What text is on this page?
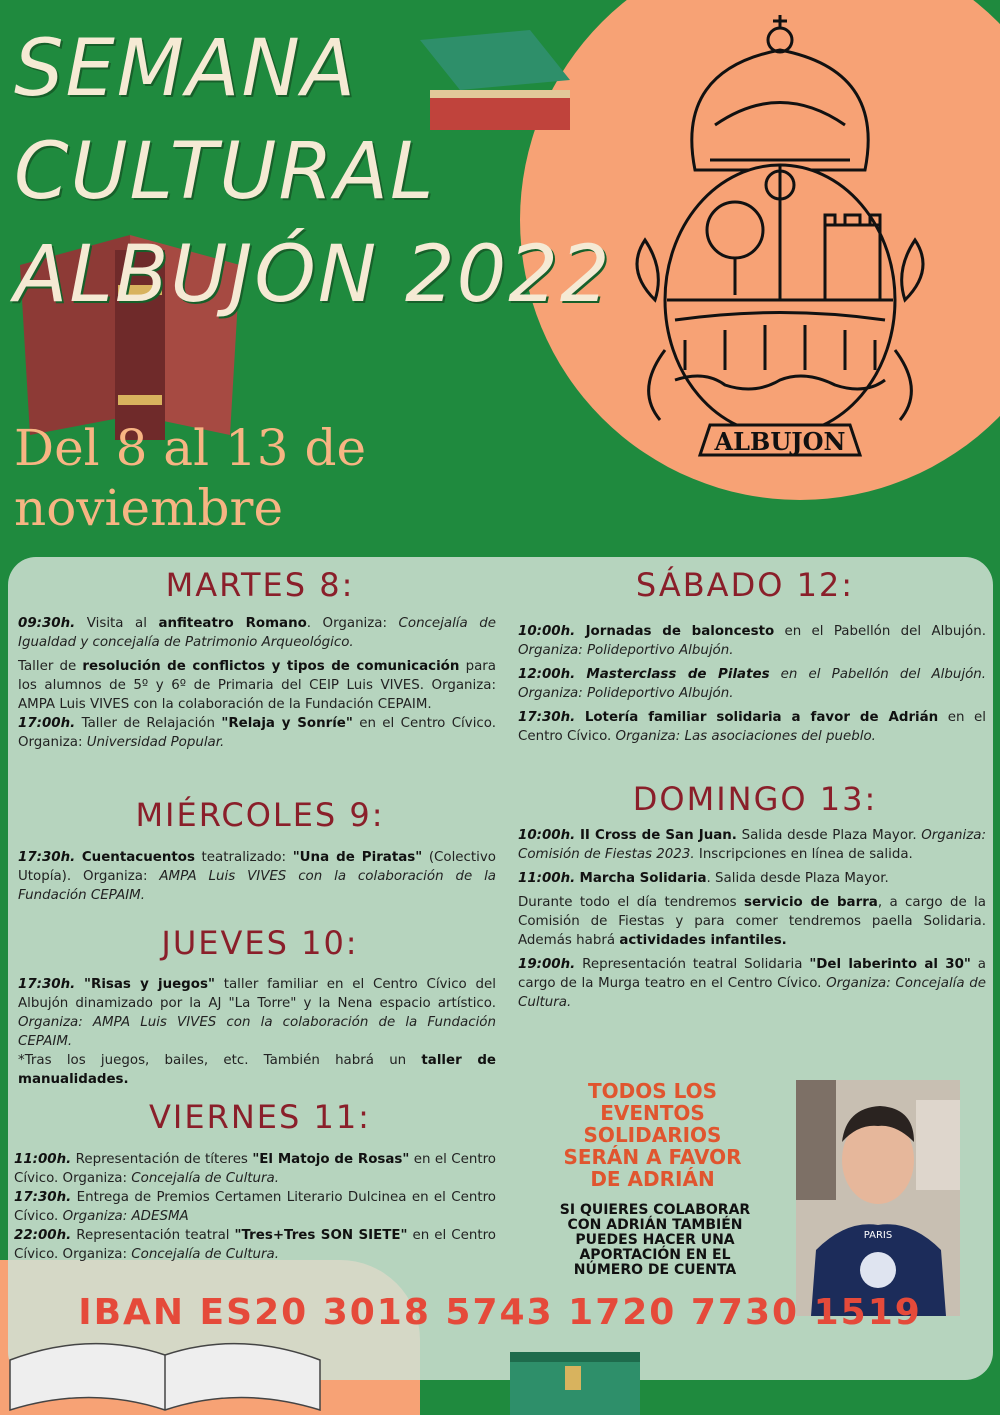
ALBUJON
SEMANA
CULTURAL
ALBUJÓN 2022
Del 8 al 13 de
noviembre
MARTES 8:

09:30h. Visita al anfiteatro Romano. Organiza: Concejalía de Igualdad y concejalía de Patrimonio Arqueológico.

Taller de resolución de conflictos y tipos de comunicación para los alumnos de 5º y 6º de Primaria del CEIP Luis VIVES. Organiza: AMPA Luis VIVES con la colaboración de la Fundación CEPAIM.

17:00h. Taller de Relajación "Relaja y Sonríe" en el Centro Cívico. Organiza: Universidad Popular.

MIÉRCOLES 9:

17:30h. Cuentacuentos teatralizado: "Una de Piratas" (Colectivo Utopía). Organiza: AMPA Luis VIVES con la colaboración de la Fundación CEPAIM.

JUEVES 10:

17:30h. "Risas y juegos" taller familiar en el Centro Cívico del Albujón dinamizado por la AJ "La Torre" y la Nena espacio artístico. Organiza: AMPA Luis VIVES con la colaboración de la Fundación CEPAIM.

*Tras los juegos, bailes, etc. También habrá un taller de manualidades.

VIERNES 11:

11:00h. Representación de títeres "El Matojo de Rosas" en el Centro Cívico. Organiza: Concejalía de Cultura.

17:30h. Entrega de Premios Certamen Literario Dulcinea en el Centro Cívico. Organiza: ADESMA

22:00h. Representación teatral "Tres+Tres SON SIETE" en el Centro Cívico. Organiza: Concejalía de Cultura.

SÁBADO 12:

10:00h. Jornadas de baloncesto en el Pabellón del Albujón. Organiza: Polideportivo Albujón.

12:00h. Masterclass de Pilates en el Pabellón del Albujón. Organiza: Polideportivo Albujón.

17:30h. Lotería familiar solidaria a favor de Adrián en el Centro Cívico. Organiza: Las asociaciones del pueblo.

DOMINGO 13:

10:00h. II Cross de San Juan. Salida desde Plaza Mayor. Organiza: Comisión de Fiestas 2023. Inscripciones en línea de salida.

11:00h. Marcha Solidaria. Salida desde Plaza Mayor.

Durante todo el día tendremos servicio de barra, a cargo de la Comisión de Fiestas y para comer tendremos paella Solidaria. Además habrá actividades infantiles.

19:00h. Representación teatral Solidaria "Del laberinto al 30" a cargo de la Murga teatro en el Centro Cívico. Organiza: Concejalía de Cultura.

TODOS LOS
EVENTOS
SOLIDARIOS
SERÁN A FAVOR
DE ADRIÁN
SI QUIERES COLABORAR
CON ADRIÁN TAMBIÉN
PUEDES HACER UNA
APORTACIÓN EN EL
NÚMERO DE CUENTA
PARIS
IBAN ES20 3018 5743 1720 7730 1519
